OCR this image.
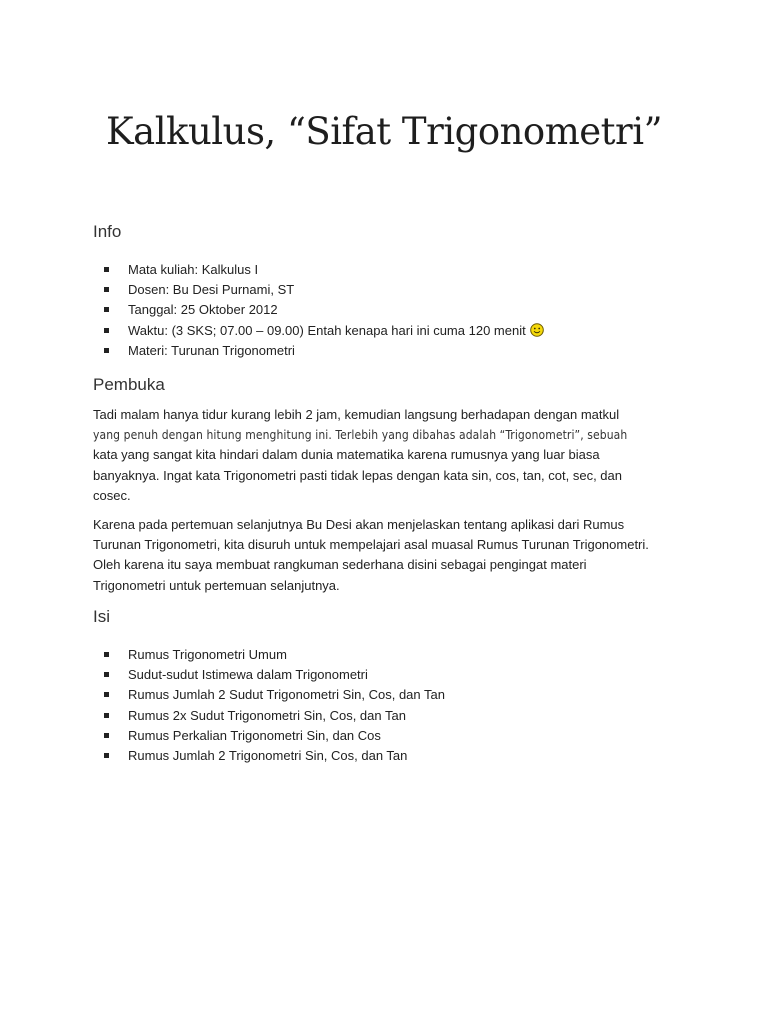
Kalkulus, “Sifat Trigonometri”
Info
Mata kuliah: Kalkulus I
Dosen: Bu Desi Purnami, ST
Tanggal: 25 Oktober 2012
Waktu: (3 SKS; 07.00 – 09.00) Entah kenapa hari ini cuma 120 menit
Materi: Turunan Trigonometri
Pembuka

Tadi malam hanya tidur kurang lebih 2 jam, kemudian langsung berhadapan dengan matkul
yang penuh dengan hitung menghitung ini. Terlebih yang dibahas adalah “Trigonometri”, sebuah
kata yang sangat kita hindari dalam dunia matematika karena rumusnya yang luar biasa
banyaknya. Ingat kata Trigonometri pasti tidak lepas dengan kata sin, cos, tan, cot, sec, dan
cosec.

Karena pada pertemuan selanjutnya Bu Desi akan menjelaskan tentang aplikasi dari Rumus
Turunan Trigonometri, kita disuruh untuk mempelajari asal muasal Rumus Turunan Trigonometri.
Oleh karena itu saya membuat rangkuman sederhana disini sebagai pengingat materi
Trigonometri untuk pertemuan selanjutnya.

Isi
Rumus Trigonometri Umum
Sudut-sudut Istimewa dalam Trigonometri
Rumus Jumlah 2 Sudut Trigonometri Sin, Cos, dan Tan
Rumus 2x Sudut Trigonometri Sin, Cos, dan Tan
Rumus Perkalian Trigonometri Sin, dan Cos
Rumus Jumlah 2 Trigonometri Sin, Cos, dan Tan
